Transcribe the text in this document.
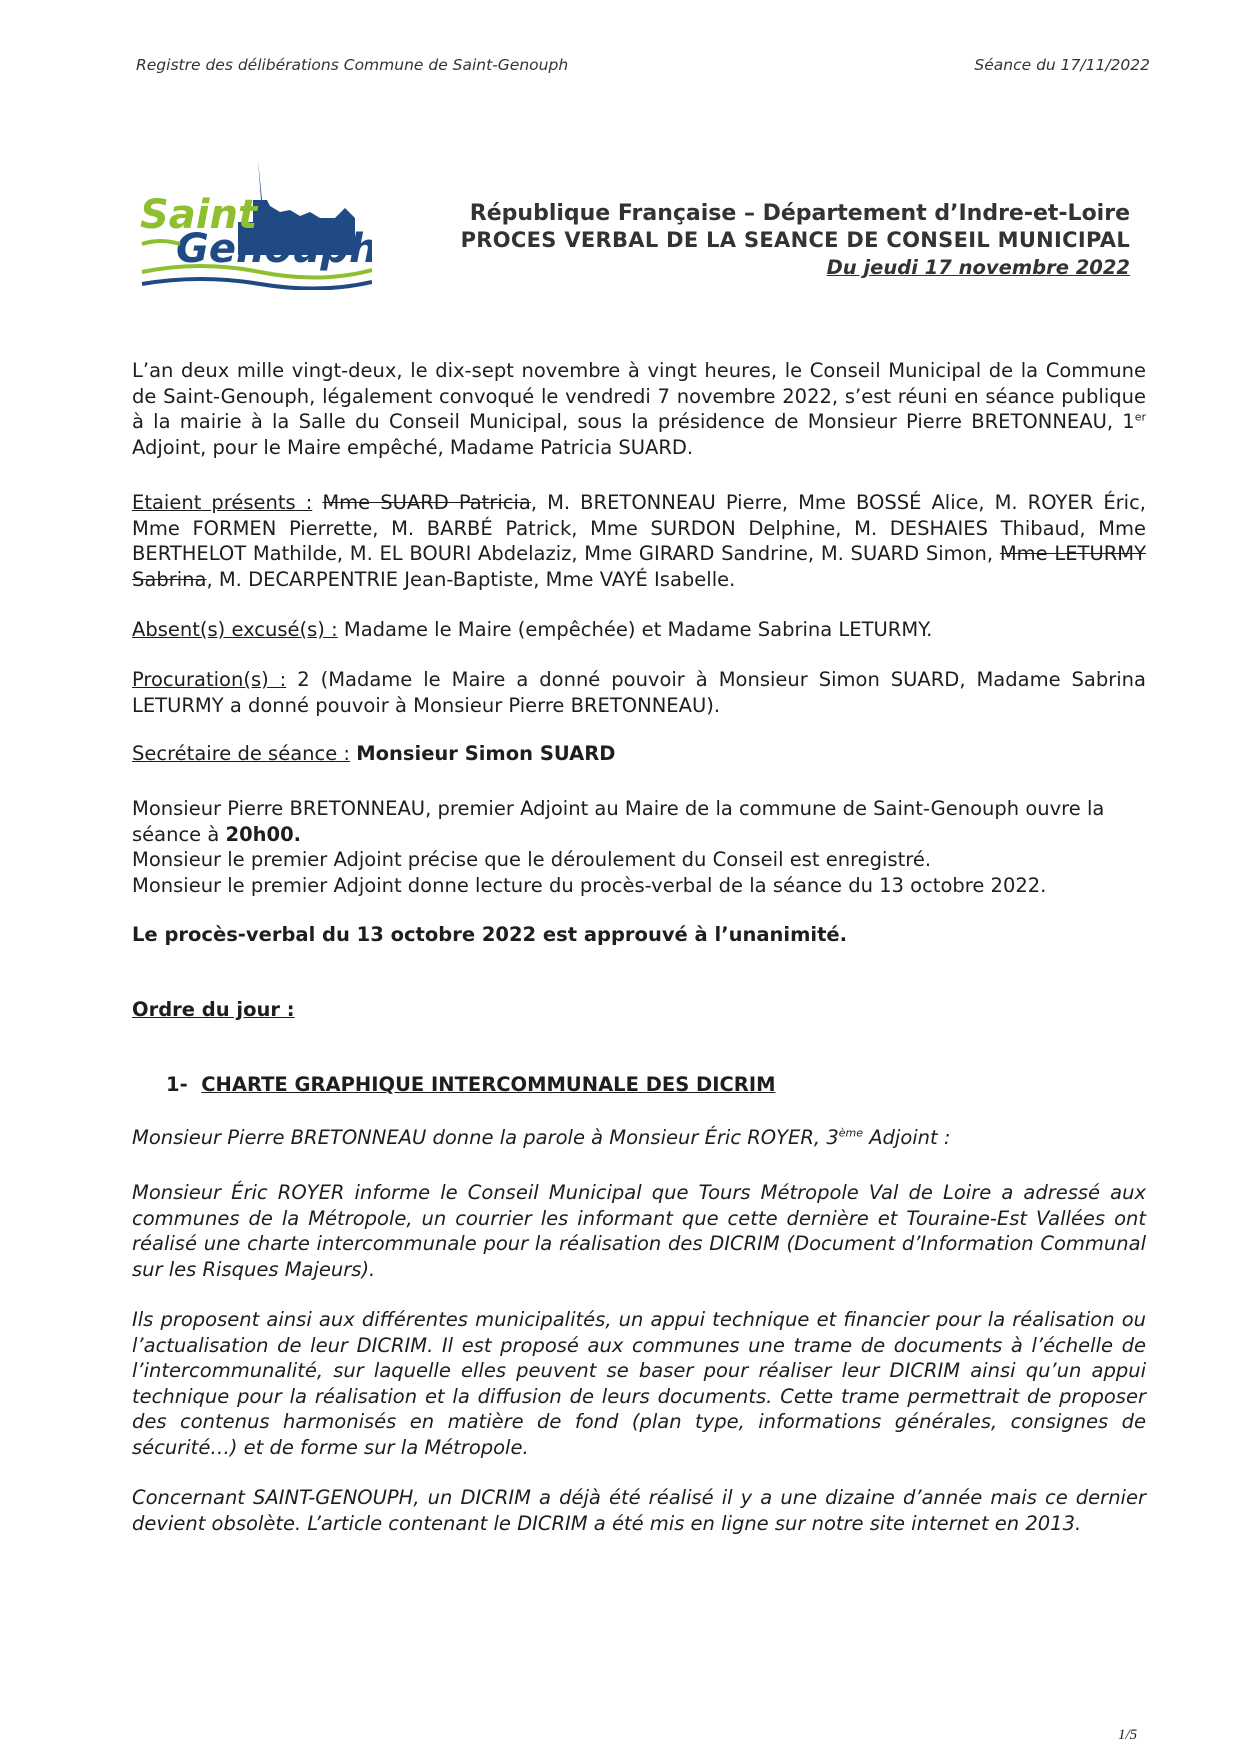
Registre des délibérations Commune de Saint-Genouph	Séance du 17/11/2022
Saint
Genouph
République Française – Département d’Indre-et-Loire
PROCES VERBAL DE LA SEANCE DE CONSEIL MUNICIPAL
Du jeudi 17 novembre 2022

L’an deux mille vingt-deux, le dix-sept novembre à vingt heures, le Conseil Municipal de la Commune de Saint-Genouph, légalement convoqué le vendredi 7 novembre 2022, s’est réuni en séance publique à la mairie à la Salle du Conseil Municipal, sous la présidence de Monsieur Pierre BRETONNEAU, 1er Adjoint, pour le Maire empêché, Madame Patricia SUARD.

Etaient présents : Mme SUARD Patricia, M. BRETONNEAU Pierre, Mme BOSSÉ Alice, M. ROYER Éric, Mme FORMEN Pierrette, M. BARBÉ Patrick, Mme SURDON Delphine, M. DESHAIES Thibaud, Mme BERTHELOT Mathilde, M. EL BOURI Abdelaziz, Mme GIRARD Sandrine, M. SUARD Simon, Mme LETURMY Sabrina, M. DECARPENTRIE Jean-Baptiste, Mme VAYÉ Isabelle.

Absent(s) excusé(s) : Madame le Maire (empêchée) et Madame Sabrina LETURMY.

Procuration(s) : 2 (Madame le Maire a donné pouvoir à Monsieur Simon SUARD, Madame Sabrina LETURMY a donné pouvoir à Monsieur Pierre BRETONNEAU).

Secrétaire de séance : Monsieur Simon SUARD

Monsieur Pierre BRETONNEAU, premier Adjoint au Maire de la commune de Saint-Genouph ouvre la séance à 20h00.

Monsieur le premier Adjoint précise que le déroulement du Conseil est enregistré.

Monsieur le premier Adjoint donne lecture du procès-verbal de la séance du 13 octobre 2022.

Le procès-verbal du 13 octobre 2022 est approuvé à l’unanimité.

Ordre du jour :

1- CHARTE GRAPHIQUE INTERCOMMUNALE DES DICRIM

Monsieur Pierre BRETONNEAU donne la parole à Monsieur Éric ROYER, 3ème Adjoint :

Monsieur Éric ROYER informe le Conseil Municipal que Tours Métropole Val de Loire a adressé aux communes de la Métropole, un courrier les informant que cette dernière et Touraine-Est Vallées ont réalisé une charte intercommunale pour la réalisation des DICRIM (Document d’Information Communal sur les Risques Majeurs).

Ils proposent ainsi aux différentes municipalités, un appui technique et financier pour la réalisation ou l’actualisation de leur DICRIM. Il est proposé aux communes une trame de documents à l’échelle de l’intercommunalité, sur laquelle elles peuvent se baser pour réaliser leur DICRIM ainsi qu’un appui technique pour la réalisation et la diffusion de leurs documents. Cette trame permettrait de proposer des contenus harmonisés en matière de fond (plan type, informations générales, consignes de sécurité…) et de forme sur la Métropole.

Concernant SAINT-GENOUPH, un DICRIM a déjà été réalisé il y a une dizaine d’année mais ce dernier devient obsolète. L’article contenant le DICRIM a été mis en ligne sur notre site internet en 2013.

1/5
